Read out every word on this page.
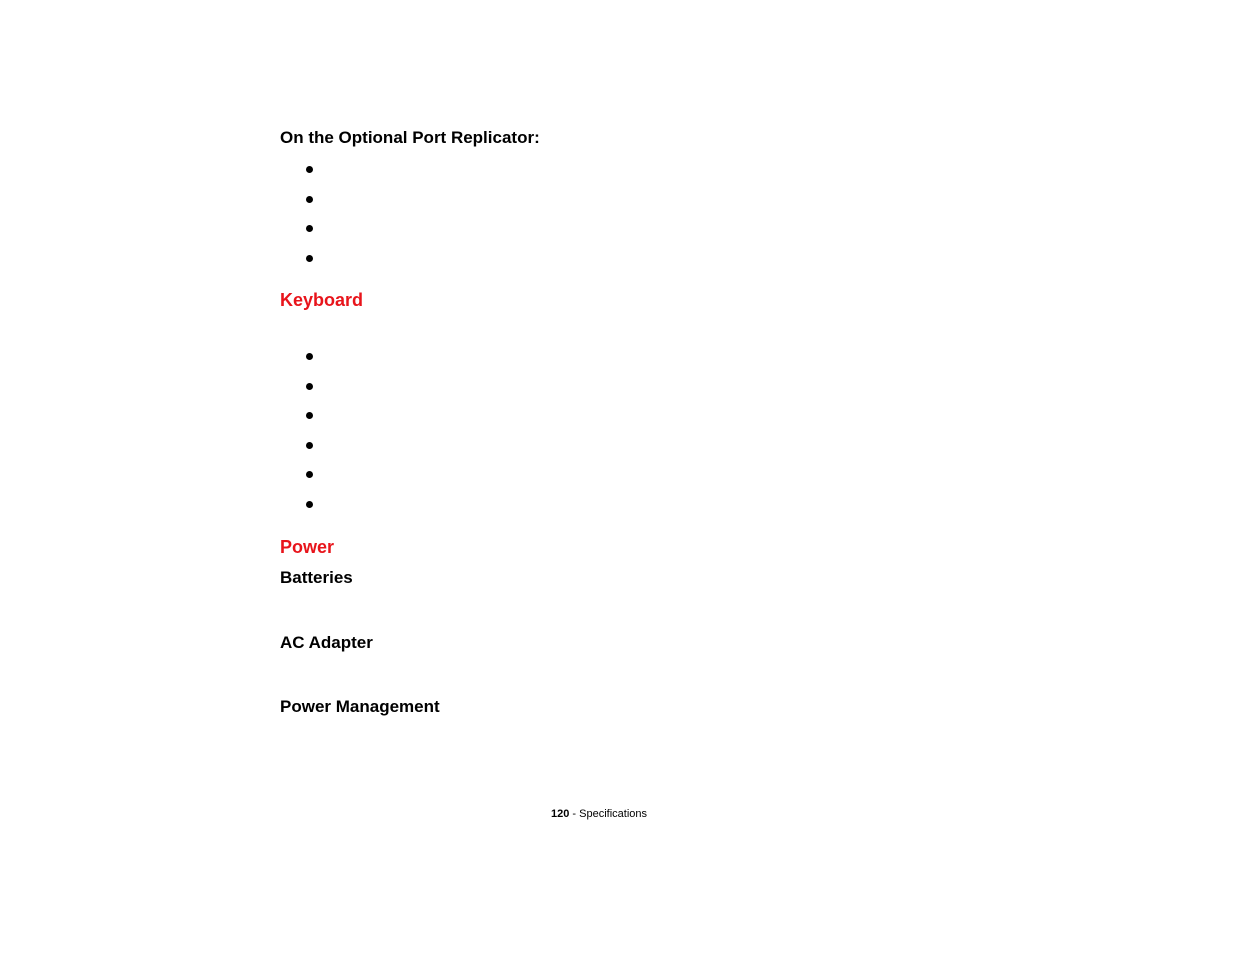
On the Optional Port Replicator:
Keyboard
Power
Batteries
AC Adapter
Power Management
120 - Specifications
